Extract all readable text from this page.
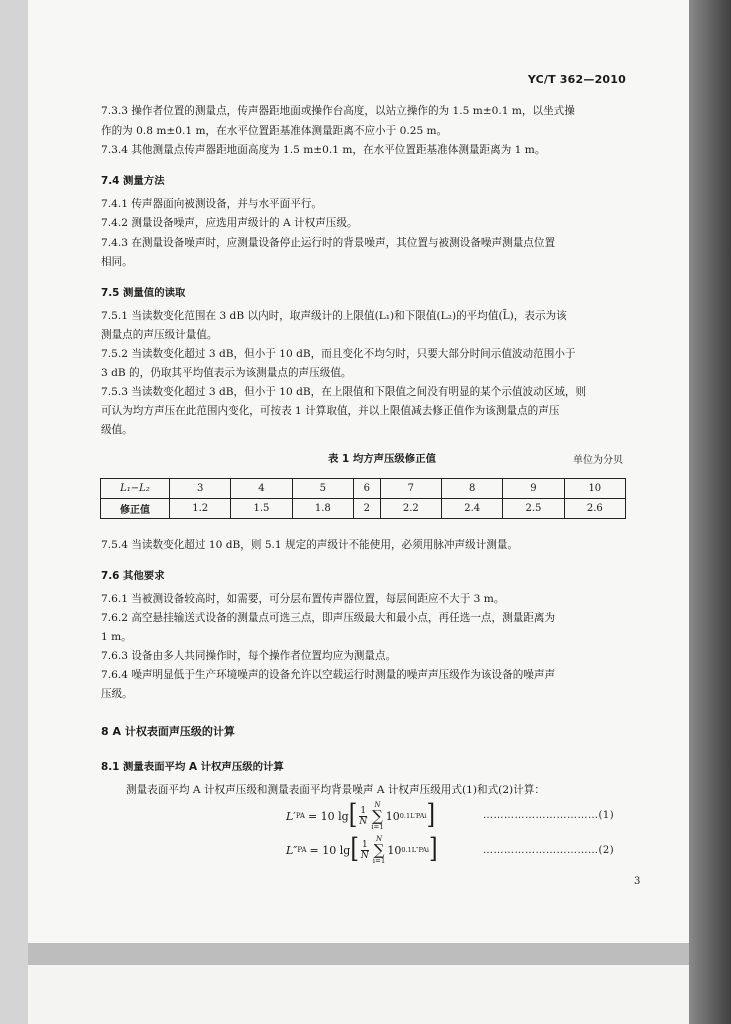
YC/T 362—2010
7.3.3 操作者位置的测量点，传声器距地面或操作台高度，以站立操作的为 1.5 m±0.1 m，以坐式操
作的为 0.8 m±0.1 m，在水平位置距基准体测量距离不应小于 0.25 m。
7.3.4 其他测量点传声器距地面高度为 1.5 m±0.1 m，在水平位置距基准体测量距离为 1 m。
7.4 测量方法
7.4.1 传声器面向被测设备，并与水平面平行。
7.4.2 测量设备噪声，应选用声级计的 A 计权声压级。
7.4.3 在测量设备噪声时，应测量设备停止运行时的背景噪声，其位置与被测设备噪声测量点位置
相同。
7.5 测量值的读取
7.5.1 当读数变化范围在 3 dB 以内时，取声级计的上限值(L₁)和下限值(L₂)的平均值(L̄)，表示为该
测量点的声压级计量值。
7.5.2 当读数变化超过 3 dB，但小于 10 dB，而且变化不均匀时，只要大部分时间示值波动范围小于
3 dB 的，仍取其平均值表示为该测量点的声压级值。
7.5.3 当读数变化超过 3 dB，但小于 10 dB，在上限值和下限值之间没有明显的某个示值波动区域，则
可认为均方声压在此范围内变化，可按表 1 计算取值，并以上限值减去修正值作为该测量点的声压
级值。
表 1 均方声压级修正值	单位为分贝
L₁−L₂	3	4	5	6	7	8	9	10
修正值	1.2	1.5	1.8	2	2.2	2.4	2.5	2.6
7.5.4 当读数变化超过 10 dB，则 5.1 规定的声级计不能使用，必须用脉冲声级计测量。
7.6 其他要求
7.6.1 当被测设备较高时，如需要，可分层布置传声器位置，每层间距应不大于 3 m。
7.6.2 高空悬挂输送式设备的测量点可选三点，即声压级最大和最小点，再任选一点，测量距离为
1 m。
7.6.3 设备由多人共同操作时，每个操作者位置均应为测量点。
7.6.4 噪声明显低于生产环境噪声的设备允许以空载运行时测量的噪声声压级作为该设备的噪声声
压级。
8 A 计权表面声压级的计算
8.1 测量表面平均 A 计权声压级的计算
测量表面平均 A 计权声压级和测量表面平均背景噪声 A 计权声压级用式(1)和式(2)计算：
L′ PA = 10 lg [ $\frac{1}{N}$
N
∑
i=1
10 0.1L′PAi ]	……………………………(1)
L″ PA = 10 lg [ $\frac{1}{N}$
N
∑
i=1
10 0.1L″PAi ]	……………………………(2)
3
